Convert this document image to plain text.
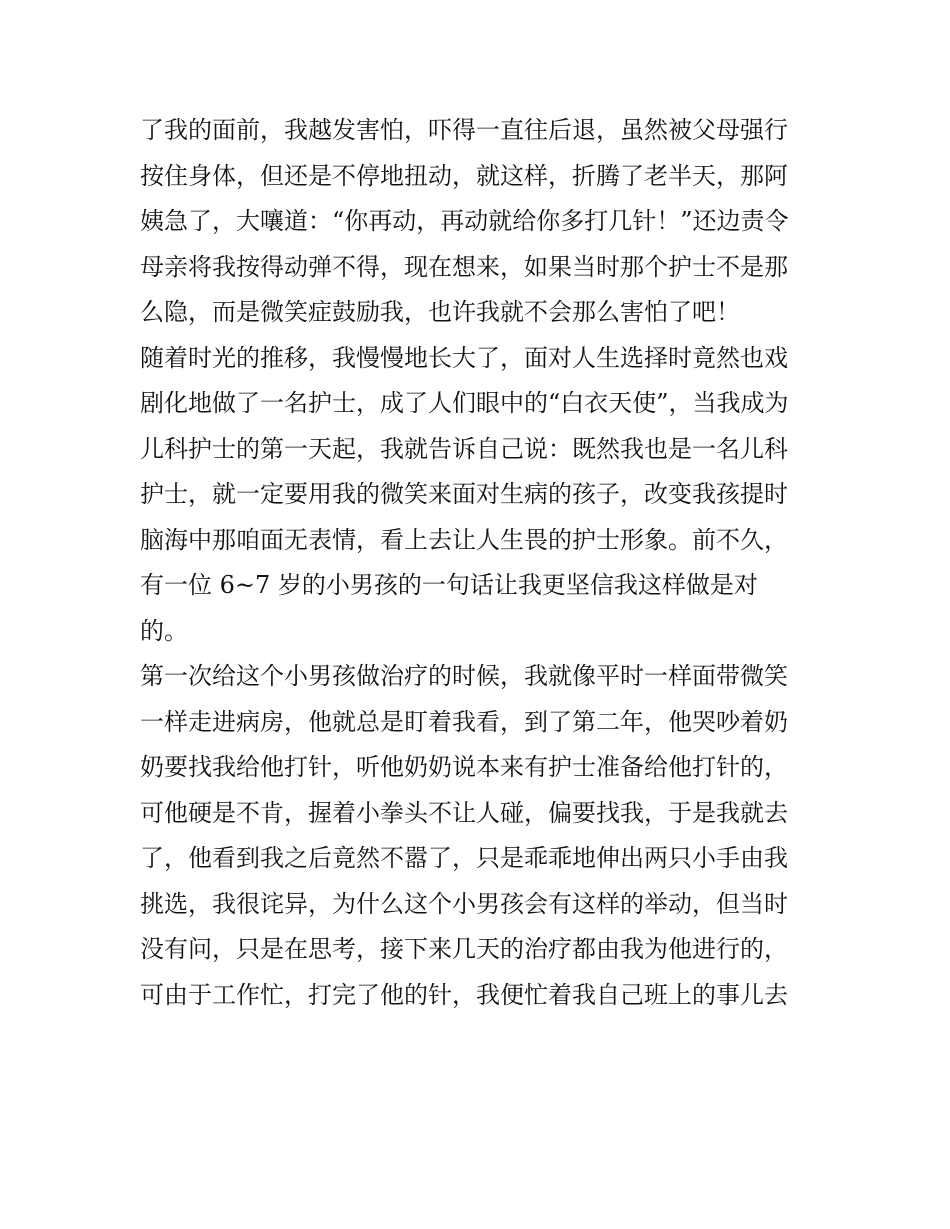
了我的面前，我越发害怕，吓得一直往后退，虽然被父母强行
按住身体，但还是不停地扭动，就这样，折腾了老半天，那阿
姨急了，大嚷道：“你再动，再动就给你多打几针！”还边责令
母亲将我按得动弹不得，现在想来，如果当时那个护士不是那
么隐，而是微笑症鼓励我，也许我就不会那么害怕了吧！
随着时光的推移，我慢慢地长大了，面对人生选择时竟然也戏
剧化地做了一名护士，成了人们眼中的“白衣天使”，当我成为
儿科护士的第一天起，我就告诉自己说：既然我也是一名儿科
护士，就一定要用我的微笑来面对生病的孩子，改变我孩提时
脑海中那咱面无表情，看上去让人生畏的护士形象。前不久，
有一位 6~7 岁的小男孩的一句话让我更坚信我这样做是对
的。
第一次给这个小男孩做治疗的时候，我就像平时一样面带微笑
一样走进病房，他就总是盯着我看，到了第二年，他哭吵着奶
奶要找我给他打针，听他奶奶说本来有护士准备给他打针的，
可他硬是不肯，握着小拳头不让人碰，偏要找我，于是我就去
了，他看到我之后竟然不嚣了，只是乖乖地伸出两只小手由我
挑选，我很诧异，为什么这个小男孩会有这样的举动，但当时
没有问，只是在思考，接下来几天的治疗都由我为他进行的，
可由于工作忙，打完了他的针，我便忙着我自己班上的事儿去
